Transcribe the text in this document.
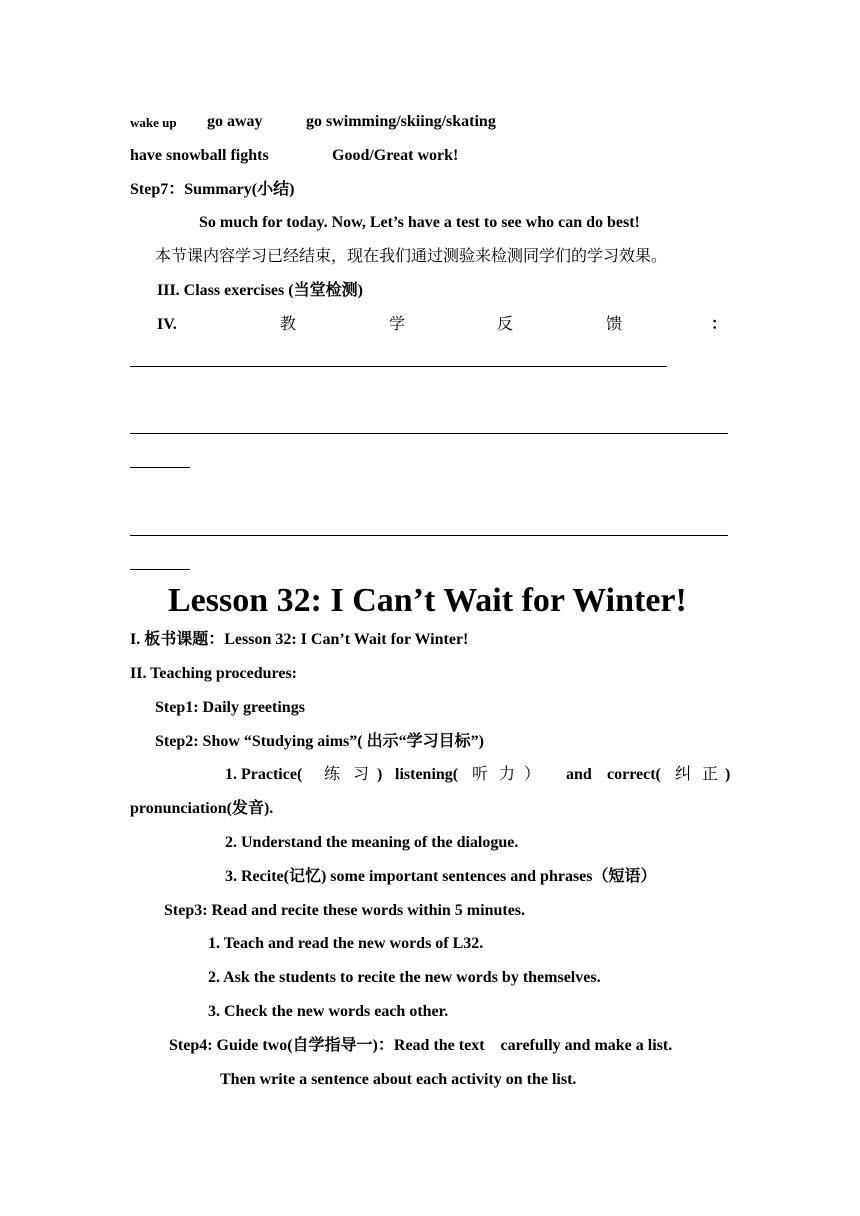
wake up go away	go swimming/skiing/skating
have snowball fights	Good/Great work!
Step7：Summary(小结)
So much for today. Now, Let’s have a test to see who can do best!
本节课内容学习已经结束，现在我们通过测验来检测同学们的学习效果。
III. Class exercises (当堂检测)
IV.	教	学	反	馈	：
Lesson 32: I Can’t Wait for Winter!
I. 板书课题：Lesson 32: I Can’t Wait for Winter!
II. Teaching procedures:
Step1: Daily greetings
Step2: Show “Studying aims”( 出示“学习目标”)
1. Practice( 练 习 ) listening( 听 力 ） and correct( 纠 正 )
pronunciation(发音).
2. Understand the meaning of the dialogue.
3. Recite(记忆) some important sentences and phrases（短语）
Step3: Read and recite these words within 5 minutes.
1. Teach and read the new words of L32.
2. Ask the students to recite the new words by themselves.
3. Check the new words each other.
Step4: Guide two(自学指导一)：Read the text    carefully and make a list.
Then write a sentence about each activity on the list.
